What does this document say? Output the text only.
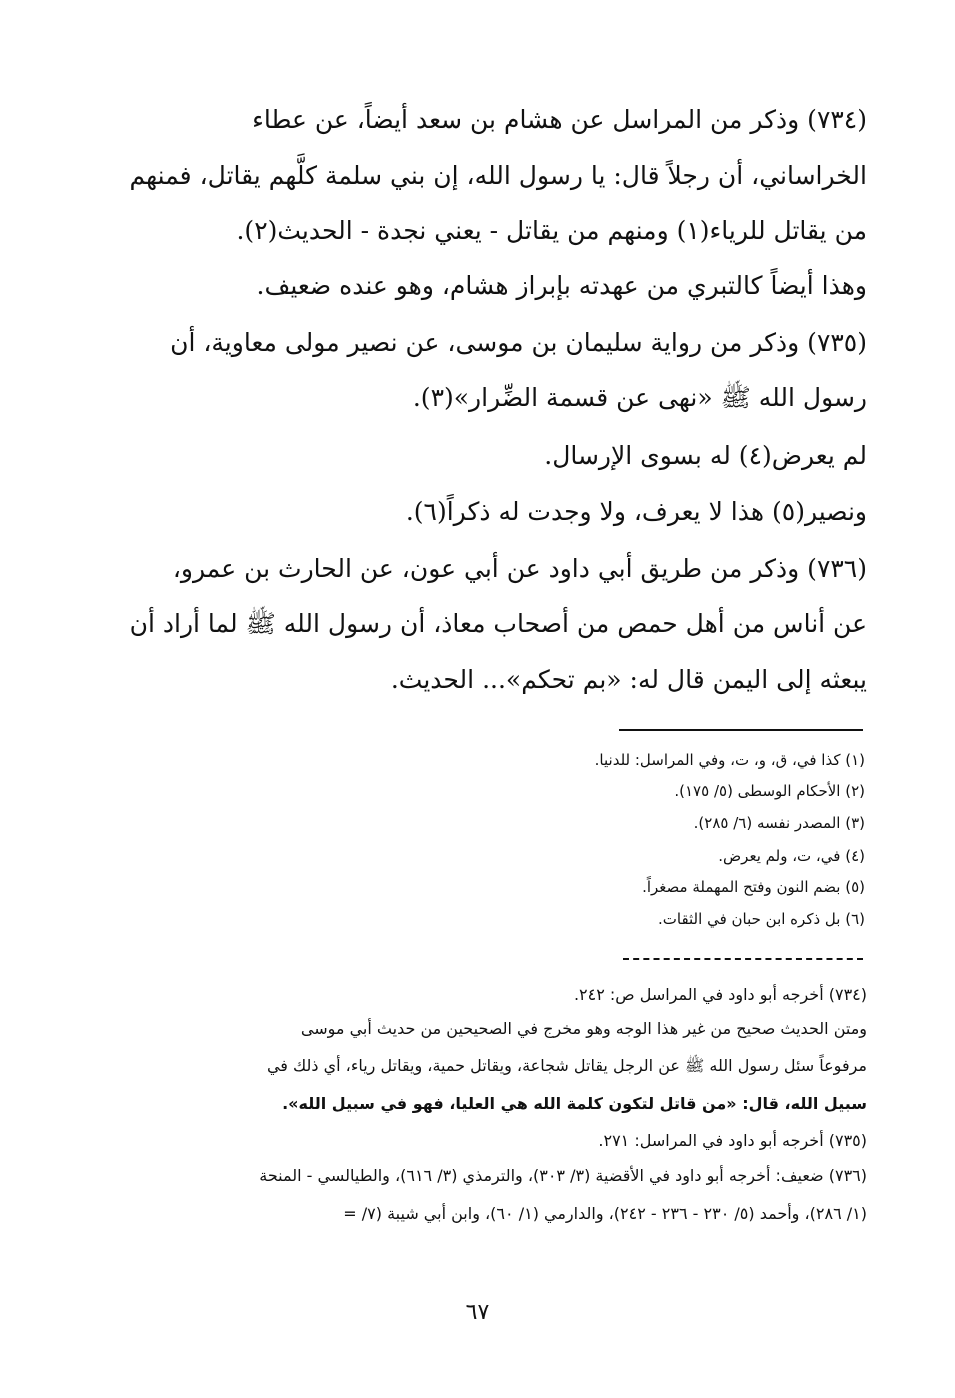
(٧٣٤) وذكر من المراسل عن هشام بن سعد أيضاً، عن عطاء
الخراساني، أن رجلاً قال: يا رسول الله، إن بني سلمة كلَّهم يقاتل، فمنهم
من يقاتل للرياء(١) ومنهم من يقاتل - يعني نجدة - الحديث(٢).
وهذا أيضاً كالتبري من عهدته بإبراز هشام، وهو عنده ضعيف.
(٧٣٥) وذكر من رواية سليمان بن موسى، عن نصير مولى معاوية، أن
رسول الله ﷺ «نهى عن قسمة الضِّرار»(٣).
لم يعرض(٤) له بسوى الإرسال.
ونصير(٥) هذا لا يعرف، ولا وجدت له ذكراً(٦).
(٧٣٦) وذكر من طريق أبي داود عن أبي عون، عن الحارث بن عمرو،
عن أناس من أهل حمص من أصحاب معاذ، أن رسول الله ﷺ لما أراد أن
يبعثه إلى اليمن قال له: «بم تحكم»... الحديث.
(١) كذا في، ق، و، ت، وفي المراسل: للدنيا.
(٢) الأحكام الوسطى (٥/ ١٧٥).
(٣) المصدر نفسه (٦/ ٢٨٥).
(٤) في، ت، ولم يعرض.
(٥) بضم النون وفتح المهملة مصغراً.
(٦) بل ذكره ابن حبان في الثقات.
(٧٣٤) أخرجه أبو داود في المراسل ص: ٢٤٢.
ومتن الحديث صحيح من غير هذا الوجه وهو مخرج في الصحيحين من حديث أبي موسى
مرفوعاً سئل رسول الله ﷺ عن الرجل يقاتل شجاعة، ويقاتل حمية، ويقاتل رياء، أي ذلك في
سبيل الله، قال: «من قاتل لتكون كلمة الله هي العليا، فهو في سبيل الله».
(٧٣٥) أخرجه أبو داود في المراسل: ٢٧١.
(٧٣٦) ضعيف: أخرجه أبو داود في الأقضية (٣/ ٣٠٣)، والترمذي (٣/ ٦١٦)، والطيالسي - المنحة
(١/ ٢٨٦)، وأحمد (٥/ ٢٣٠ - ٢٣٦ - ٢٤٢)، والدارمي (١/ ٦٠)، وابن أبي شيبة (٧/ =
٦٧
